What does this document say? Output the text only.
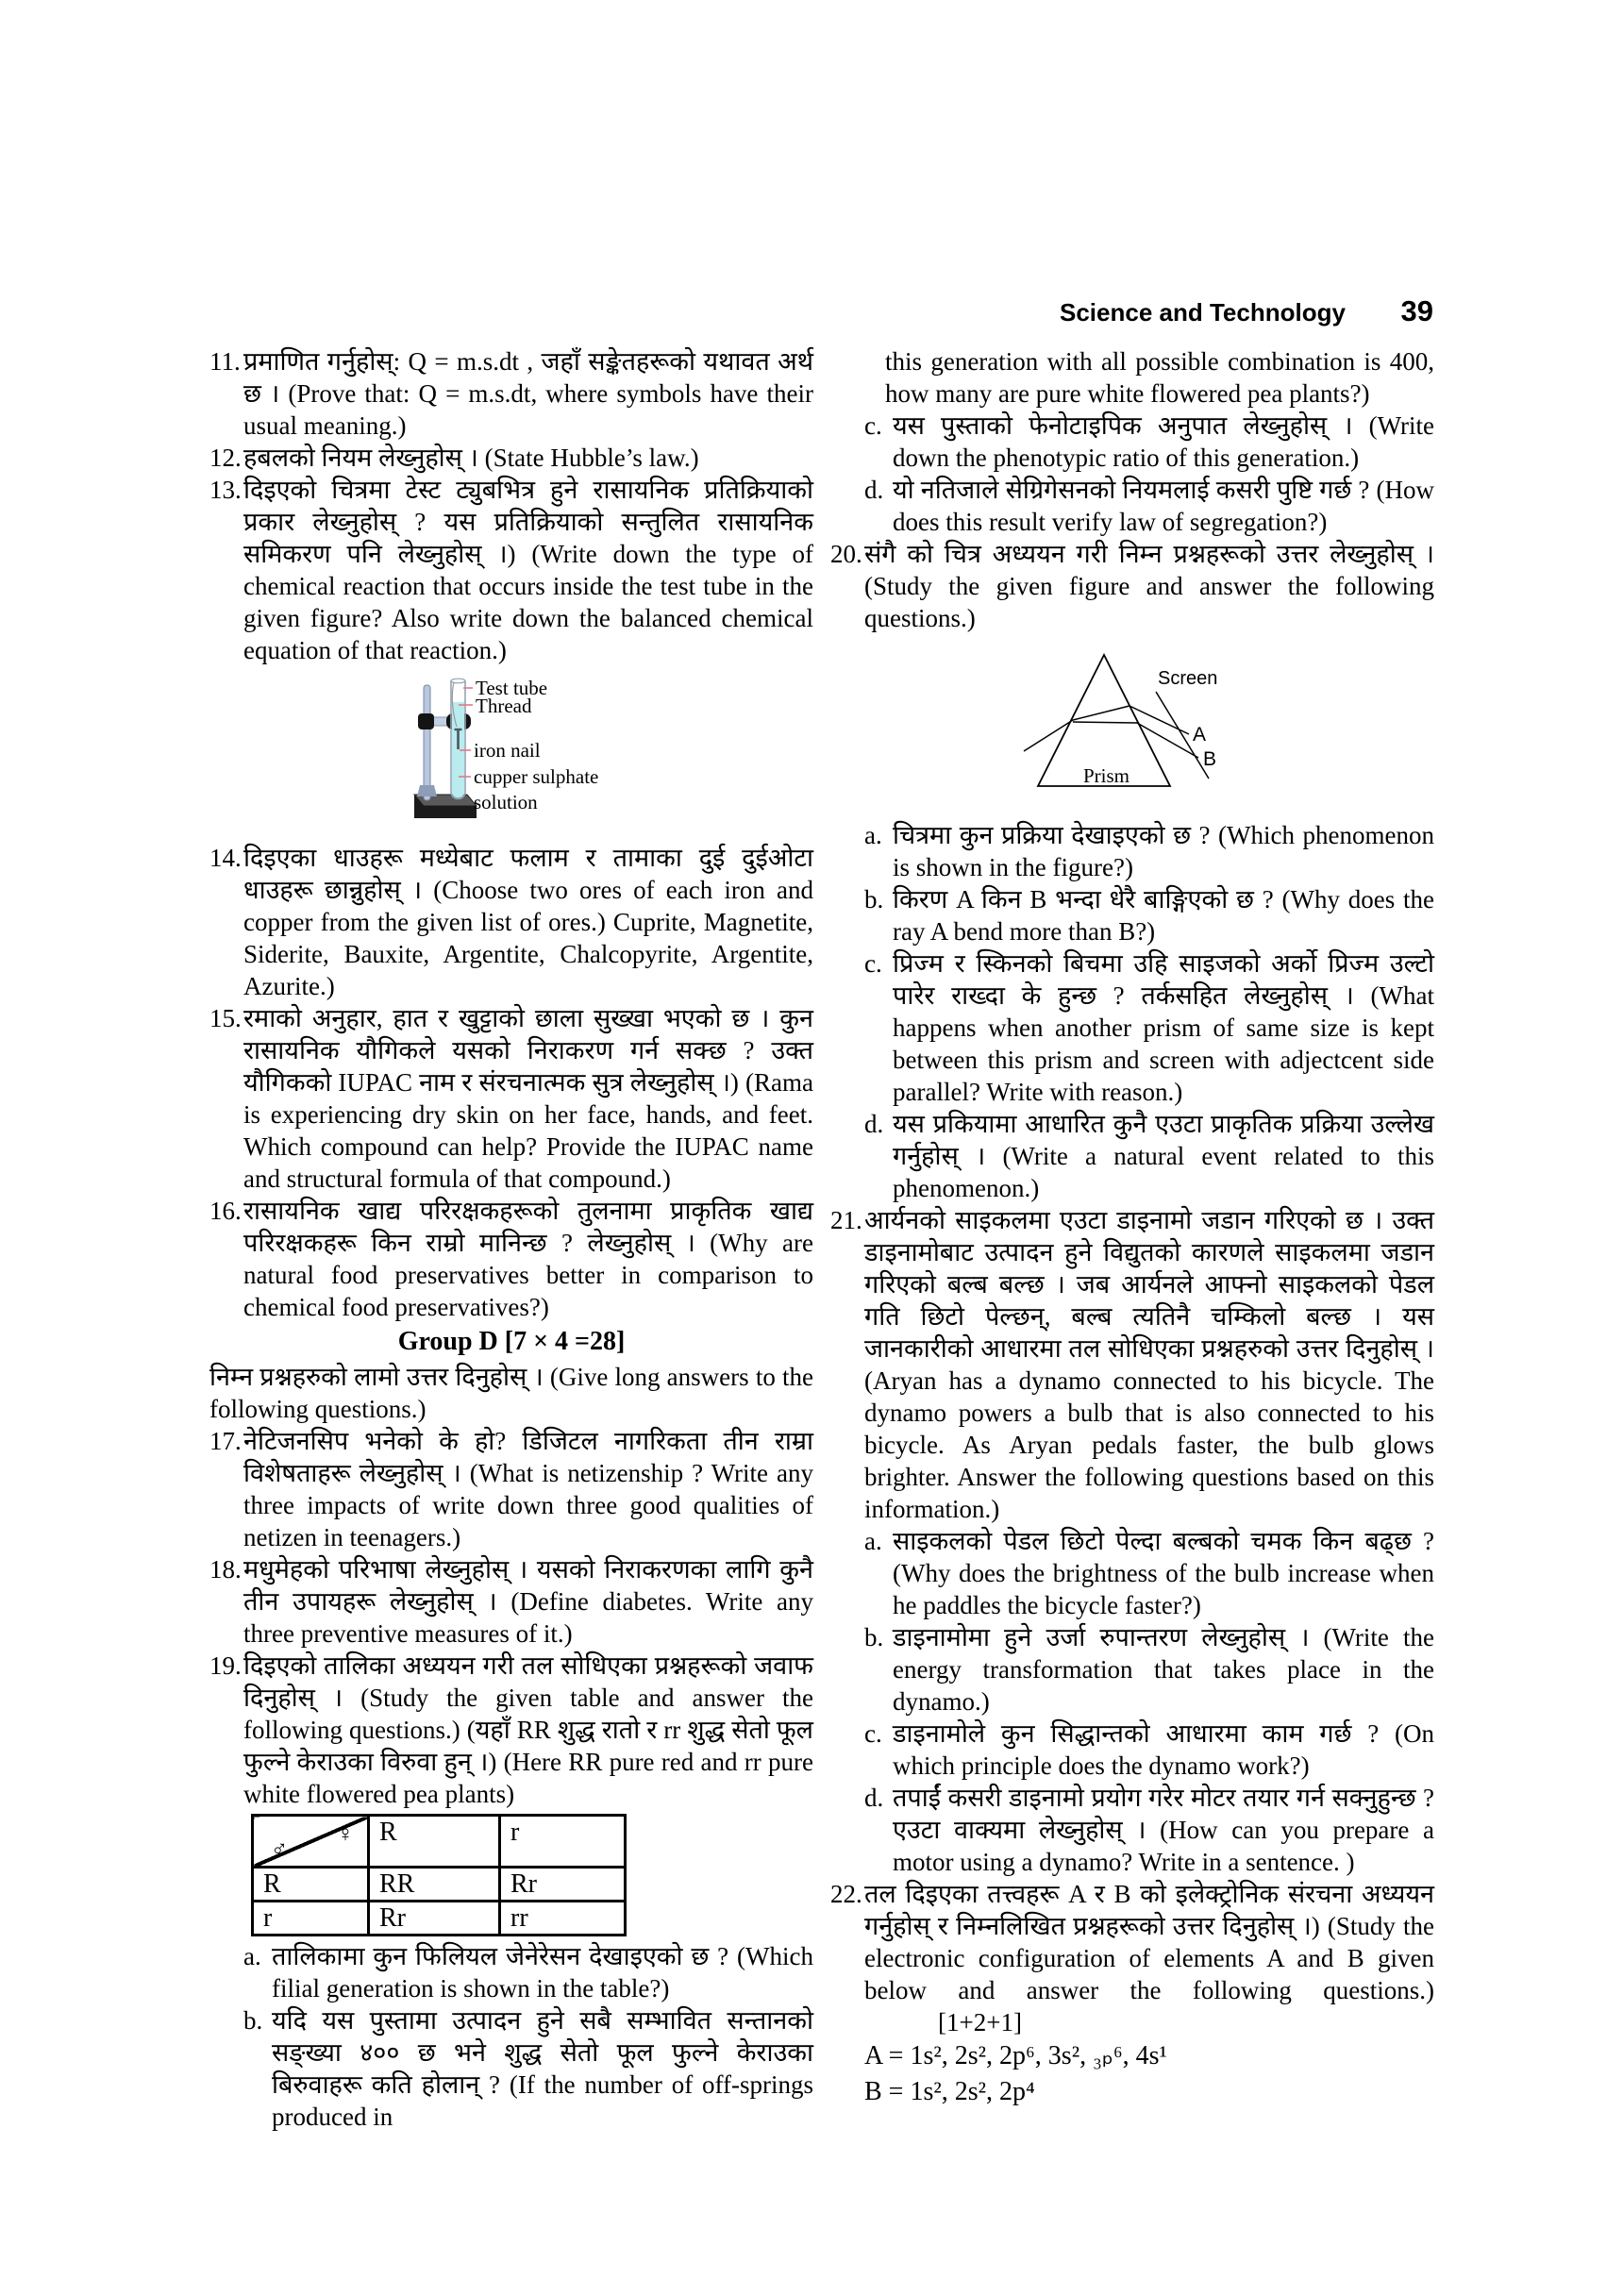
Science and Technology 39
11. प्रमाणित गर्नुहोस्: Q = m.s.dt , जहाँ सङ्केतहरूको यथावत अर्थ छ । (Prove that: Q = m.s.dt, where symbols have their usual meaning.)
12. हबलको नियम लेख्नुहोस् । (State Hubble’s law.)
13. दिइएको चित्रमा टेस्ट ट्युबभित्र हुने रासायनिक प्रतिक्रियाको प्रकार लेख्नुहोस् ? यस प्रतिक्रियाको सन्तुलित रासायनिक समिकरण पनि लेख्नुहोस् ।) (Write down the type of chemical reaction that occurs inside the test tube in the given figure? Also write down the balanced chemical equation of that reaction.)
Test tube
Thread
iron nail
cupper sulphate
solution
14. दिइएका धाउहरू मध्येबाट फलाम र तामाका दुई दुईओटा धाउहरू छान्नुहोस् । (Choose two ores of each iron and copper from the given list of ores.) Cuprite, Magnetite, Siderite, Bauxite, Argentite, Chalcopyrite, Argentite, Azurite.)
15. रमाको अनुहार, हात र खुट्टाको छाला सुख्खा भएको छ । कुन रासायनिक यौगिकले यसको निराकरण गर्न सक्छ ? उक्त यौगिकको IUPAC नाम र संरचनात्मक सुत्र लेख्नुहोस् ।) (Rama is experiencing dry skin on her face, hands, and feet. Which compound can help? Provide the IUPAC name and structural formula of that compound.)
16. रासायनिक खाद्य परिरक्षकहरूको तुलनामा प्राकृतिक खाद्य परिरक्षकहरू किन राम्रो मानिन्छ ? लेख्नुहोस् । (Why are natural food preservatives better in comparison to chemical food preservatives?)
Group D [7 × 4 =28]

निम्न प्रश्नहरुको लामो उत्तर दिनुहोस् । (Give long answers to the following questions.)

17. नेटिजनसिप भनेको के हो? डिजिटल नागरिकता तीन राम्रा विशेषताहरू लेख्नुहोस् । (What is netizenship ? Write any three impacts of write down three good qualities of netizen in teenagers.)
18. मधुमेहको परिभाषा लेख्नुहोस् । यसको निराकरणका लागि कुनै तीन उपायहरू लेख्नुहोस् । (Define diabetes. Write any three preventive measures of it.)
19. दिइएको तालिका अध्ययन गरी तल सोधिएका प्रश्नहरूको जवाफ दिनुहोस् । (Study the given table and answer the following questions.) (यहाँ RR शुद्ध रातो र rr शुद्ध सेतो फूल फुल्ने केराउका विरुवा हुन् ।) (Here RR pure red and rr pure white flowered pea plants)
♂
♀	R	r
R	RR	Rr
r	Rr	rr
a. तालिकामा कुन फिलियल जेनेरेसन देखाइएको छ ? (Which filial generation is shown in the table?)
b. यदि यस पुस्तामा उत्पादन हुने सबै सम्भावित सन्तानको सङ्ख्या ४०० छ भने शुद्ध सेतो फूल फुल्ने केराउका बिरुवाहरू कति होलान् ? (If the number of off-springs produced in
this generation with all possible combination is 400, how many are pure white flowered pea plants?)
c. यस पुस्ताको फेनोटाइपिक अनुपात लेख्नुहोस् । (Write down the phenotypic ratio of this generation.)
d. यो नतिजाले सेग्रिगेसनको नियमलाई कसरी पुष्टि गर्छ ? (How does this result verify law of segregation?)
20. संगै को चित्र अध्ययन गरी निम्न प्रश्नहरूको उत्तर लेख्नुहोस् । (Study the given figure and answer the following questions.)
Screen
A
B
Prism
a. चित्रमा कुन प्रक्रिया देखाइएको छ ? (Which phenomenon is shown in the figure?)
b. किरण A किन B भन्दा धेरै बाङ्गिएको छ ? (Why does the ray A bend more than B?)
c. प्रिज्म र स्किनको बिचमा उहि साइजको अर्को प्रिज्म उल्टो पारेर राख्दा के हुन्छ ? तर्कसहित लेख्नुहोस् । (What happens when another prism of same size is kept between this prism and screen with adjectcent side parallel? Write with reason.)
d. यस प्रकियामा आधारित कुनै एउटा प्राकृतिक प्रक्रिया उल्लेख गर्नुहोस् । (Write a natural event related to this phenomenon.)
21. आर्यनको साइकलमा एउटा डाइनामो जडान गरिएको छ । उक्त डाइनामोबाट उत्पादन हुने विद्युतको कारणले साइकलमा जडान गरिएको बल्ब बल्छ । जब आर्यनले आफ्नो साइकलको पेडल गति छिटो पेल्छन्, बल्ब त्यतिनै चम्किलो बल्छ । यस जानकारीको आधारमा तल सोधिएका प्रश्नहरुको उत्तर दिनुहोस् । (Aryan has a dynamo connected to his bicycle. The dynamo powers a bulb that is also connected to his bicycle. As Aryan pedals faster, the bulb glows brighter. Answer the following questions based on this information.)
a. साइकलको पेडल छिटो पेल्दा बल्बको चमक किन बढ्छ ? (Why does the brightness of the bulb increase when he paddles the bicycle faster?)
b. डाइनामोमा हुने उर्जा रुपान्तरण लेख्नुहोस् । (Write the energy transformation that takes place in the dynamo.)
c. डाइनामोले कुन सिद्धान्तको आधारमा काम गर्छ ? (On which principle does the dynamo work?)
d. तपाईं कसरी डाइनामो प्रयोग गरेर मोटर तयार गर्न सक्नुहुन्छ ? एउटा वाक्यमा लेख्नुहोस् । (How can you prepare a motor using a dynamo? Write in a sentence. )
22. तल दिइएका तत्त्वहरू A र B को इलेक्ट्रोनिक संरचना अध्ययन गर्नुहोस् र निम्नलिखित प्रश्नहरूको उत्तर दिनुहोस् ।) (Study the electronic configuration of elements A and B given below and answer the following questions.)[1+2+1]
A = 1s², 2s², 2p⁶, 3s², ₃ₚ⁶, 4s¹
B = 1s², 2s², 2p⁴
